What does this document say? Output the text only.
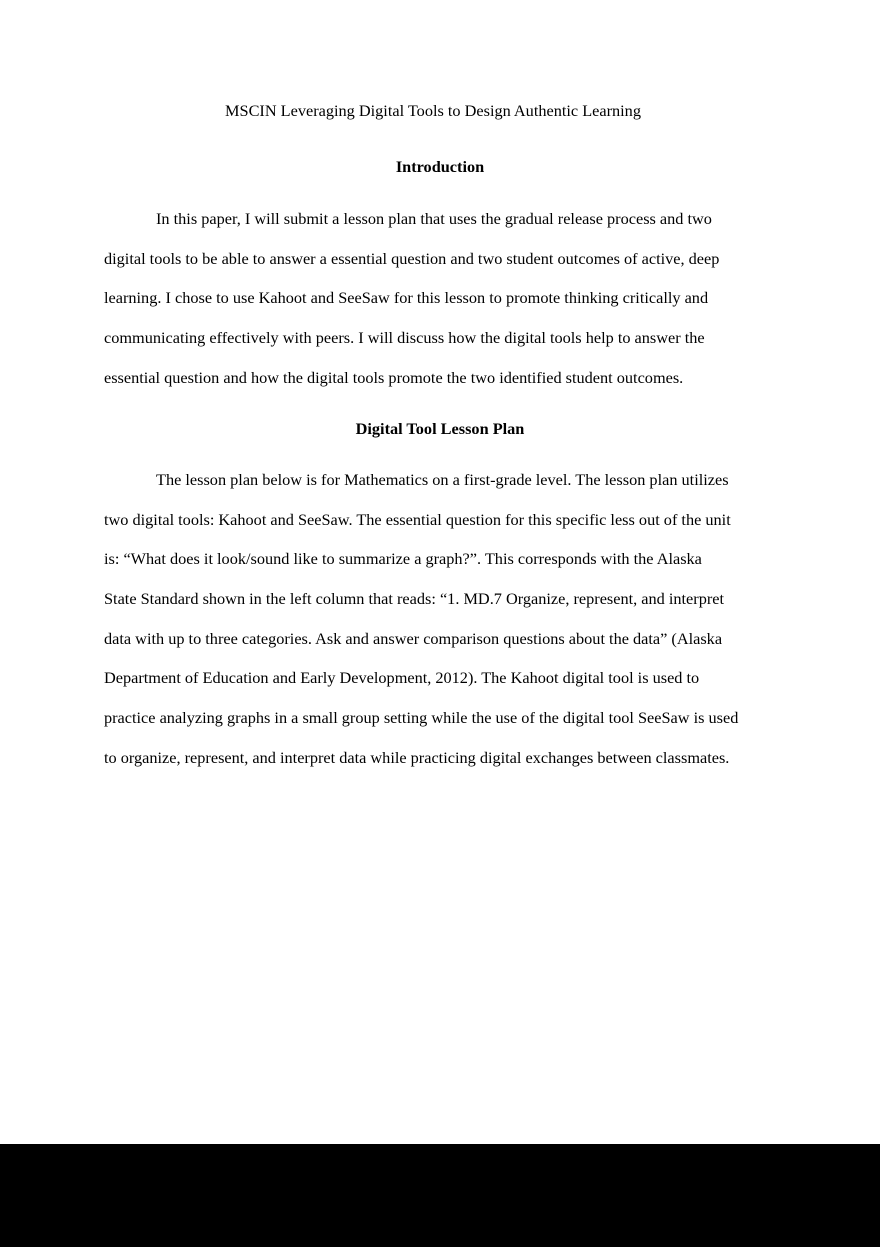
MSCIN Leveraging Digital Tools to Design Authentic Learning
Introduction
In this paper, I will submit a lesson plan that uses the gradual release process and two
digital tools to be able to answer a essential question and two student outcomes of active, deep
learning. I chose to use Kahoot and SeeSaw for this lesson to promote thinking critically and
communicating effectively with peers. I will discuss how the digital tools help to answer the
essential question and how the digital tools promote the two identified student outcomes.
Digital Tool Lesson Plan
The lesson plan below is for Mathematics on a first-grade level. The lesson plan utilizes
two digital tools: Kahoot and SeeSaw. The essential question for this specific less out of the unit
is: “What does it look/sound like to summarize a graph?”. This corresponds with the Alaska
State Standard shown in the left column that reads: “1. MD.7 Organize, represent, and interpret
data with up to three categories. Ask and answer comparison questions about the data” (Alaska
Department of Education and Early Development, 2012). The Kahoot digital tool is used to
practice analyzing graphs in a small group setting while the use of the digital tool SeeSaw is used
to organize, represent, and interpret data while practicing digital exchanges between classmates.
